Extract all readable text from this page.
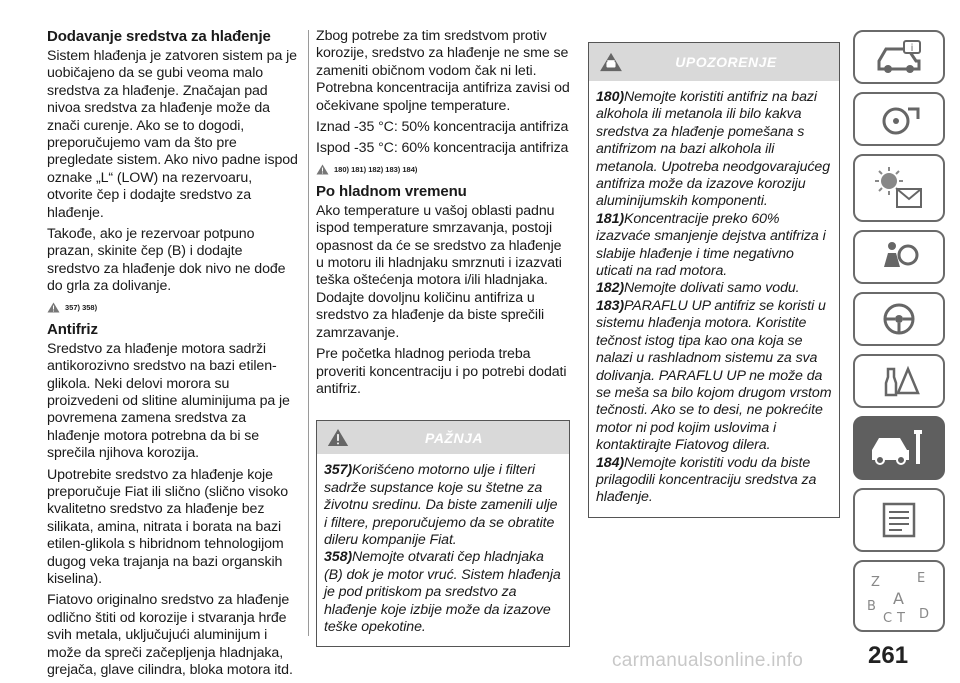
Dodavanje sredstva za hlađenje

Sistem hlađenja je zatvoren sistem pa je uobičajeno da se gubi veoma malo sredstva za hlađenje. Značajan pad nivoa sredstva za hlađenje može da znači curenje. Ako se to dogodi, preporučujemo vam da što pre pregledate sistem. Ako nivo padne ispod oznake „L“ (LOW) na rezervoaru, otvorite čep i dodajte sredstvo za hlađenje.

Takođe, ako je rezervoar potpuno prazan, skinite čep (B) i dodajte sredstvo za hlađenje dok nivo ne dođe do grla za dolivanje.

357) 358)
Antifriz

Sredstvo za hlađenje motora sadrži antikorozivno sredstvo na bazi etilen-glikola. Neki delovi morora su proizvedeni od slitine aluminijuma pa je povremena zamena sredstva za hlađenje motora potrebna da bi se sprečila njihova korozija.

Upotrebite sredstvo za hlađenje koje preporučuje Fiat ili slično (slično visoko kvalitetno sredstvo za hlađenje bez silikata, amina, nitrata i borata na bazi etilen-glikola s hibridnom tehnologijom dugog veka trajanja na bazi organskih kiselina).

Fiatovo originalno sredstvo za hlađenje odlično štiti od korozije i stvaranja hrđe svih metala, uključujući aluminijum i može da spreči začepljenja hladnjaka, grejača, glave cilindra, bloka motora itd.

Zbog potrebe za tim sredstvom protiv korozije, sredstvo za hlađenje ne sme se zameniti običnom vodom čak ni leti. Potrebna koncentracija antifriza zavisi od očekivane spoljne temperature.

Iznad -35 °C: 50% koncentracija antifriza

Ispod -35 °C: 60% koncentracija antifriza

180) 181) 182) 183) 184)
Po hladnom vremenu

Ako temperature u vašoj oblasti padnu ispod temperature smrzavanja, postoji opasnost da će se sredstvo za hlađenje u motoru ili hladnjaku smrznuti i izazvati teška oštećenja motora i/ili hladnjaka. Dodajte dovoljnu količinu antifriza u sredstvo za hlađenje da biste sprečili zamrzavanje.

Pre početka hladnog perioda treba proveriti koncentraciju i po potrebi dodati antifriz.

PAŽNJA

357)Korišćeno motorno ulje i filteri sadrže supstance koje su štetne za životnu sredinu. Da biste zamenili ulje i filtere, preporučujemo da se obratite dileru kompanije Fiat.

358)Nemojte otvarati čep hladnjaka (B) dok je motor vruć. Sistem hlađenja je pod pritiskom pa sredstvo za hlađenje koje izbije može da izazove teške opekotine.

UPOZORENJE

180)Nemojte koristiti antifriz na bazi alkohola ili metanola ili bilo kakva sredstva za hlađenje pomešana s antifrizom na bazi alkohola ili metanola. Upotreba neodgovarajućeg antifriza može da izazove koroziju aluminijumskih komponenti.

181)Koncentracije preko 60% izazvaće smanjenje dejstva antifriza i slabije hlađenje i time negativno uticati na rad motora.

182)Nemojte dolivati samo vodu.

183)PARAFLU UP antifriz se koristi u sistemu hlađenja motora. Koristite tečnost istog tipa kao ona koja se nalazi u rashladnom sistemu za sva dolivanja. PARAFLU UP ne može da se meša sa bilo kojom drugom vrstom tečnosti. Ako se to desi, ne pokrećite motor ni pod kojim uslovima i kontaktirajte Fiatovog dilera.

184)Nemojte koristiti vodu da biste prilagodili koncentraciju sredstva za hlađenje.

i
Z	E
B A
C T D
carmanualsonline.info	261
